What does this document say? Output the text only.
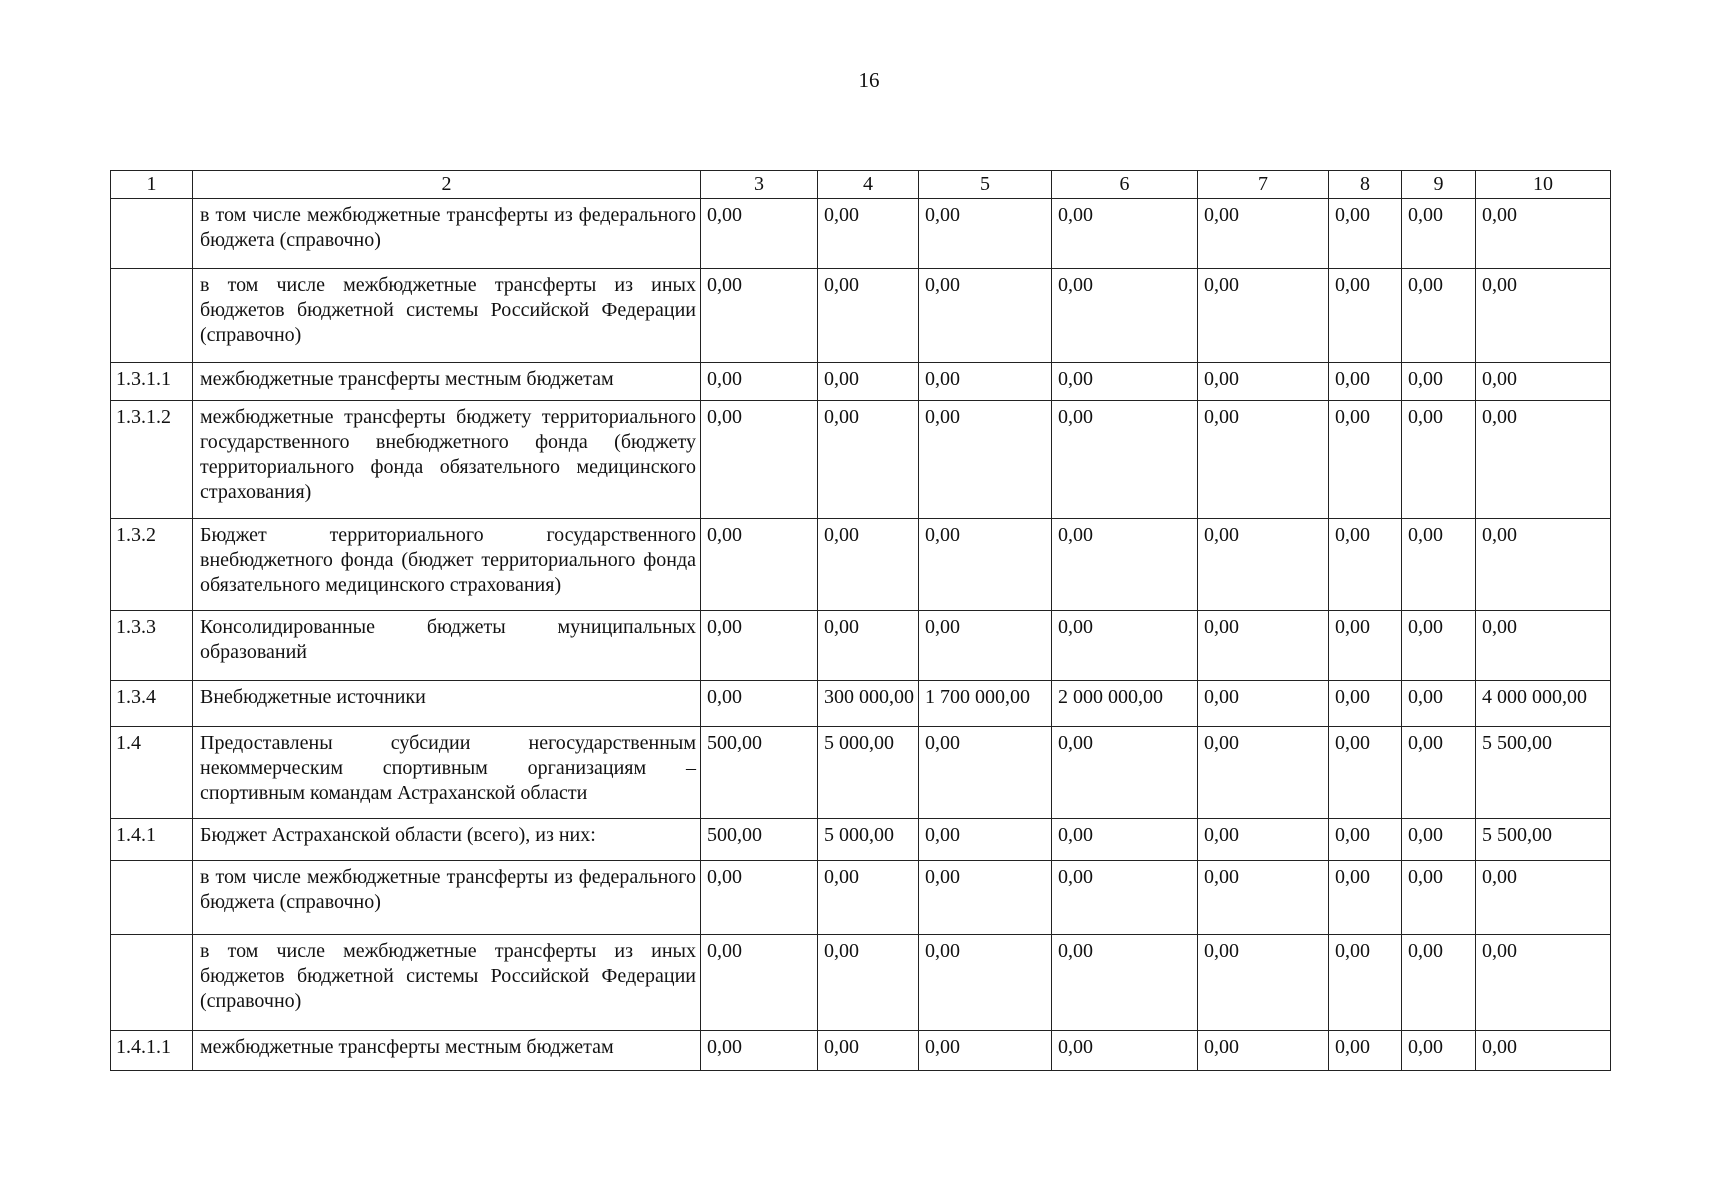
16
1	2	3	4	5	6	7	8	9	10
	в том числе межбюджетные трансферты из федерального бюджета (справочно)	0,00	0,00	0,00	0,00	0,00	0,00	0,00	0,00
	в том числе межбюджетные трансферты из иных бюджетов бюджетной системы Российской Федерации (справочно)	0,00	0,00	0,00	0,00	0,00	0,00	0,00	0,00
1.3.1.1	межбюджетные трансферты местным бюджетам	0,00	0,00	0,00	0,00	0,00	0,00	0,00	0,00
1.3.1.2	межбюджетные трансферты бюджету территориального государственного внебюджетного фонда (бюджету территориального фонда обязательного медицинского страхования)	0,00	0,00	0,00	0,00	0,00	0,00	0,00	0,00
1.3.2	Бюджет территориального государственного внебюджетного фонда (бюджет территориального фонда обязательного медицинского страхования)	0,00	0,00	0,00	0,00	0,00	0,00	0,00	0,00
1.3.3	Консолидированные бюджеты муниципальных образований	0,00	0,00	0,00	0,00	0,00	0,00	0,00	0,00
1.3.4	Внебюджетные источники	0,00	300 000,00	1 700 000,00	2 000 000,00	0,00	0,00	0,00	4 000 000,00
1.4	Предоставлены субсидии негосударственным некоммерческим спортивным организациям – спортивным командам Астраханской области	500,00	5 000,00	0,00	0,00	0,00	0,00	0,00	5 500,00
1.4.1	Бюджет Астраханской области (всего), из них:	500,00	5 000,00	0,00	0,00	0,00	0,00	0,00	5 500,00
	в том числе межбюджетные трансферты из федерального бюджета (справочно)	0,00	0,00	0,00	0,00	0,00	0,00	0,00	0,00
	в том числе межбюджетные трансферты из иных бюджетов бюджетной системы Российской Федерации (справочно)	0,00	0,00	0,00	0,00	0,00	0,00	0,00	0,00
1.4.1.1	межбюджетные трансферты местным бюджетам	0,00	0,00	0,00	0,00	0,00	0,00	0,00	0,00
